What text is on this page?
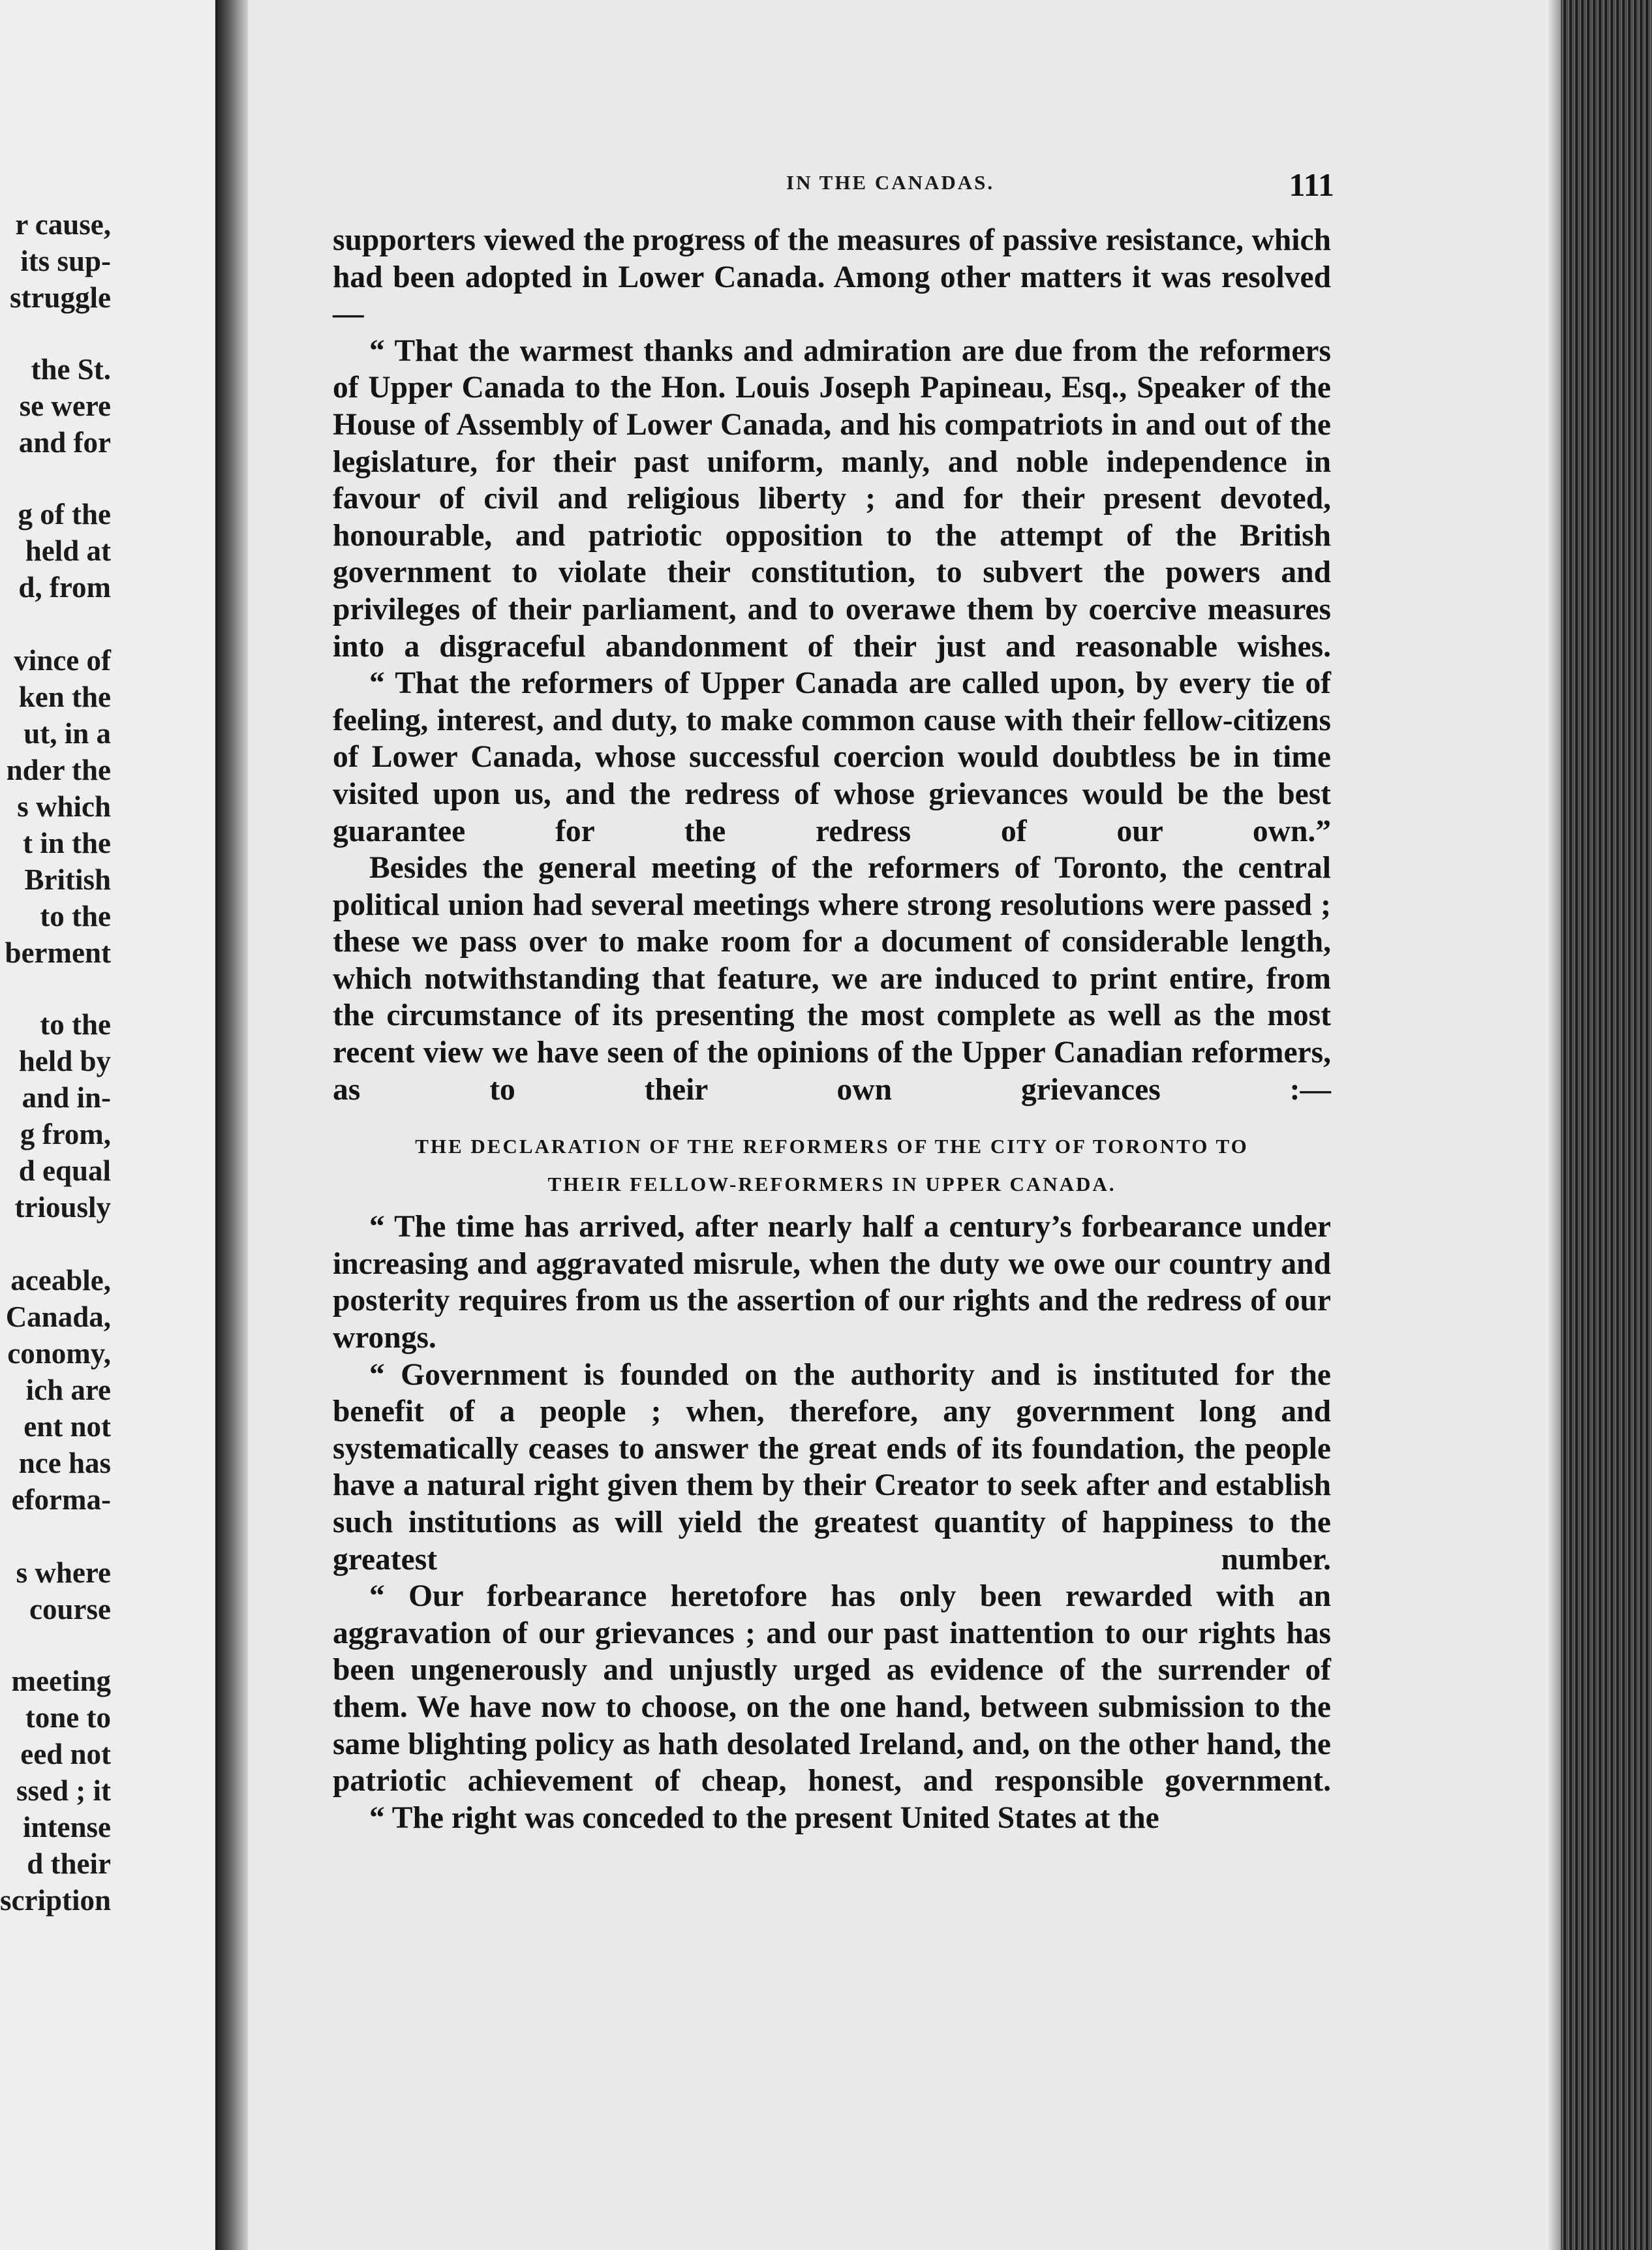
r cause,
its sup-
struggle
the St.
se were
and for
g of the
held at
d, from
vince of
ken the
ut, in a
nder the
s which
t in the
British
to the
berment
to the
held by
and in-
g from,
d equal
triously
aceable,
Canada,
conomy,
ich are
ent not
nce has
eforma-
s where
course
meeting
tone to
eed not
ssed ; it
intense
d their
scription
IN THE CANADAS.	111

supporters viewed the progress of the measures of passive resistance, which had been adopted in Lower Canada. Among other matters it was resolved—

“ That the warmest thanks and admiration are due from the reformers of Upper Canada to the Hon. Louis Joseph Papineau, Esq., Speaker of the House of Assembly of Lower Canada, and his compatriots in and out of the legislature, for their past uniform, manly, and noble independence in favour of civil and religious liberty ; and for their present devoted, honourable, and patriotic opposition to the attempt of the British government to violate their constitution, to subvert the powers and privileges of their parliament, and to overawe them by coercive measures into a disgraceful abandonment of their just and reasonable wishes.

“ That the reformers of Upper Canada are called upon, by every tie of feeling, interest, and duty, to make common cause with their fellow-citizens of Lower Canada, whose successful coercion would doubtless be in time visited upon us, and the redress of whose grievances would be the best guarantee for the redress of our own.”

Besides the general meeting of the reformers of Toronto, the central political union had several meetings where strong resolutions were passed ; these we pass over to make room for a document of considerable length, which notwithstanding that feature, we are induced to print entire, from the circumstance of its presenting the most complete as well as the most recent view we have seen of the opinions of the Upper Canadian reformers, as to their own grievances :—

THE DECLARATION OF THE REFORMERS OF THE CITY OF TORONTO TO
THEIR FELLOW-REFORMERS IN UPPER CANADA.

“ The time has arrived, after nearly half a century’s forbearance under increasing and aggravated misrule, when the duty we owe our country and posterity requires from us the assertion of our rights and the redress of our wrongs.

“ Government is founded on the authority and is instituted for the benefit of a people ; when, therefore, any government long and systematically ceases to answer the great ends of its foundation, the people have a natural right given them by their Creator to seek after and establish such institutions as will yield the greatest quantity of happiness to the greatest number.

“ Our forbearance heretofore has only been rewarded with an aggravation of our grievances ; and our past inattention to our rights has been ungenerously and unjustly urged as evidence of the surrender of them. We have now to choose, on the one hand, between submission to the same blighting policy as hath desolated Ireland, and, on the other hand, the patriotic achievement of cheap, honest, and responsible government.

“ The right was conceded to the present United States at the
